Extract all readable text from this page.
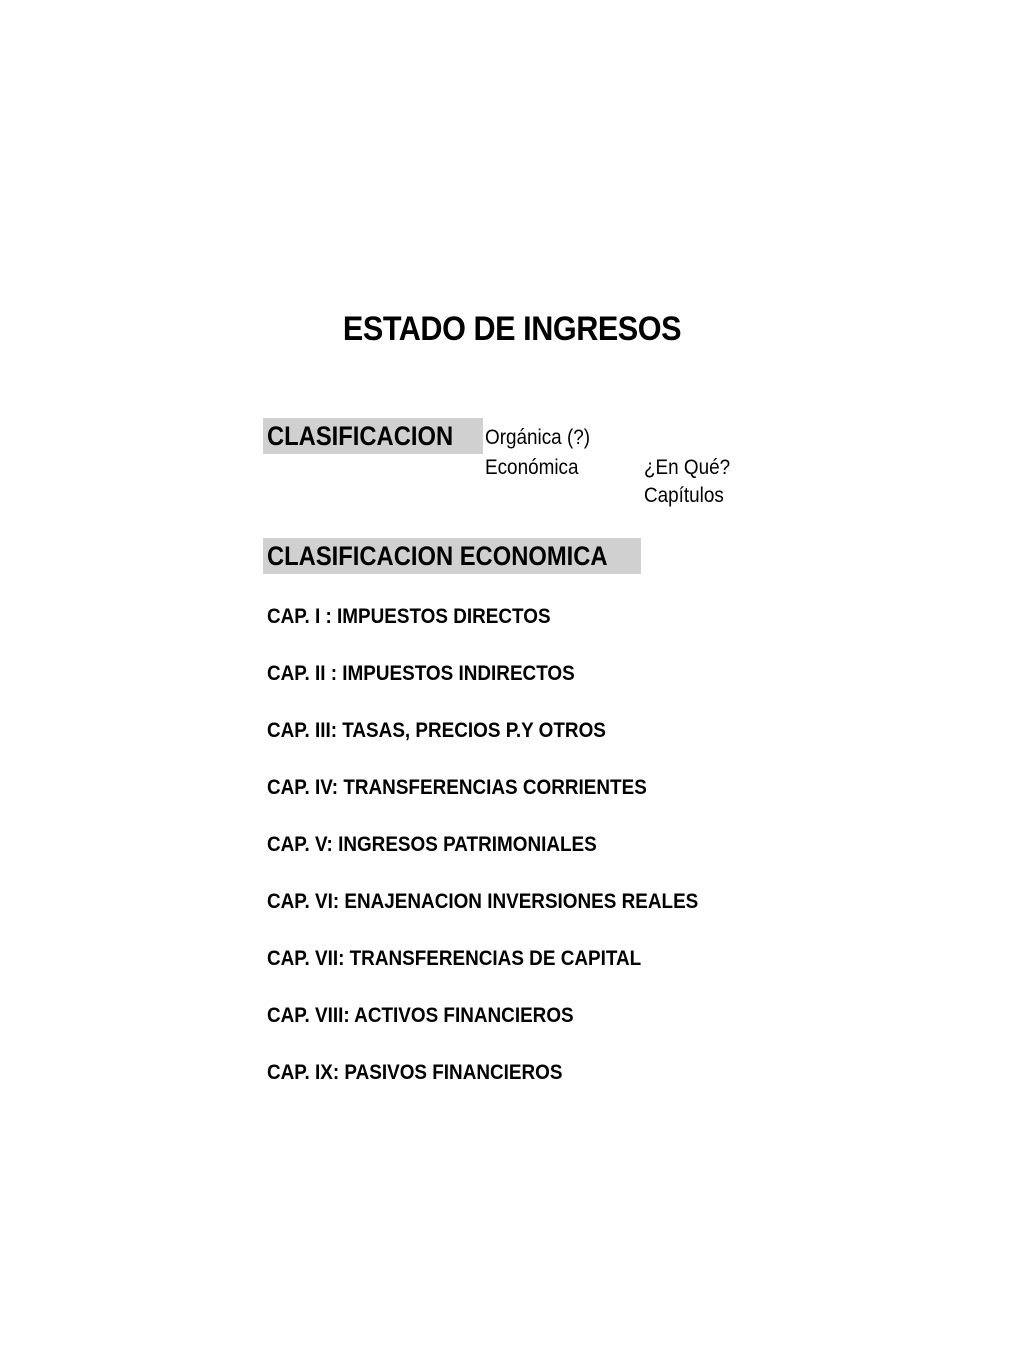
ESTADO DE INGRESOS
CLASIFICACION	Orgánica (?)
Económica	¿En Qué?
Capítulos
CLASIFICACION ECONOMICA
CAP. I : IMPUESTOS DIRECTOS
CAP. II : IMPUESTOS INDIRECTOS
CAP. III: TASAS, PRECIOS P.Y OTROS
CAP. IV: TRANSFERENCIAS CORRIENTES
CAP. V: INGRESOS PATRIMONIALES
CAP. VI: ENAJENACION INVERSIONES REALES
CAP. VII: TRANSFERENCIAS DE CAPITAL
CAP. VIII: ACTIVOS FINANCIEROS
CAP. IX: PASIVOS FINANCIEROS
